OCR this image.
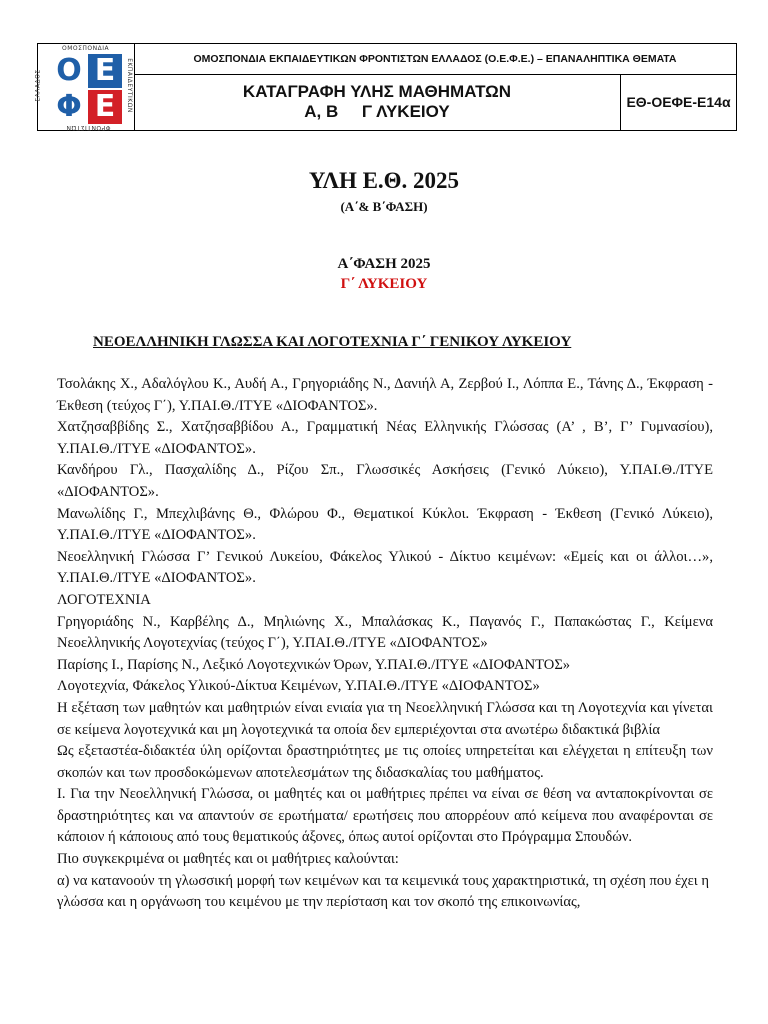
ΟΜΟΣΠΟΝΔΙΑ
ΕΚΠΑΙΔΕΥΤΙΚΩΝ
ΦΡΟΝΤΙΣΤΩΝ
ΕΛΛΑΔΟΣ Ο Ε
Φ Ε
ΟΜΟΣΠΟΝΔΙΑ ΕΚΠΑΙΔΕΥΤΙΚΩΝ ΦΡΟΝΤΙΣΤΩΝ ΕΛΛΑΔΟΣ (Ο.Ε.Φ.Ε.) – ΕΠΑΝΑΛΗΠΤΙΚΑ ΘΕΜΑΤΑ
ΚΑΤΑΓΡΑΦΗ ΥΛΗΣ ΜΑΘΗΜΑΤΩΝ
Α, Β     Γ ΛΥΚΕΙΟΥ	ΕΘ-ΟΕΦΕ-Ε14α
ΥΛΗ Ε.Θ. 2025
(Α΄& Β΄ΦΑΣΗ)
Α΄ΦΑΣΗ 2025
Γ΄ ΛΥΚΕΙΟΥ
ΝΕΟΕΛΛΗΝΙΚΗ ΓΛΩΣΣΑ ΚΑΙ ΛΟΓΟΤΕΧΝΙΑ Γ΄ ΓΕΝΙΚΟΥ ΛΥΚΕΙΟΥ

Τσολάκης Χ., Αδαλόγλου Κ., Αυδή Α., Γρηγοριάδης Ν., Δανιήλ Α, Ζερβού Ι., Λόππα Ε., Τάνης Δ., Έκφραση - Έκθεση (τεύχος Γ΄), Υ.ΠΑΙ.Θ./ΙΤΥΕ «ΔΙΟΦΑΝΤΟΣ».

Χατζησαββίδης Σ., Χατζησαββίδου Α., Γραμματική Νέας Ελληνικής Γλώσσας (Α’ , Β’, Γ’ Γυμνασίου), Υ.ΠΑΙ.Θ./ΙΤΥΕ «ΔΙΟΦΑΝΤΟΣ».

Κανδήρου Γλ., Πασχαλίδης Δ., Ρίζου Σπ., Γλωσσικές Ασκήσεις (Γενικό Λύκειο), Υ.ΠΑΙ.Θ./ΙΤΥΕ «ΔΙΟΦΑΝΤΟΣ».

Μανωλίδης Γ., Μπεχλιβάνης Θ., Φλώρου Φ., Θεματικοί Κύκλοι. Έκφραση - Έκθεση (Γενικό Λύκειο), Υ.ΠΑΙ.Θ./ΙΤΥΕ «ΔΙΟΦΑΝΤΟΣ».

Νεοελληνική Γλώσσα Γ’ Γενικού Λυκείου, Φάκελος Υλικού - Δίκτυο κειμένων: «Εμείς και οι άλλοι…», Υ.ΠΑΙ.Θ./ΙΤΥΕ «ΔΙΟΦΑΝΤΟΣ».

ΛΟΓΟΤΕΧΝΙΑ

Γρηγοριάδης Ν., Καρβέλης Δ., Μηλιώνης Χ., Μπαλάσκας Κ., Παγανός Γ., Παπακώστας Γ., Κείμενα Νεοελληνικής Λογοτεχνίας (τεύχος Γ΄), Υ.ΠΑΙ.Θ./ΙΤΥΕ «ΔΙΟΦΑΝΤΟΣ»

Παρίσης Ι., Παρίσης Ν., Λεξικό Λογοτεχνικών Όρων, Υ.ΠΑΙ.Θ./ΙΤΥΕ «ΔΙΟΦΑΝΤΟΣ»

Λογοτεχνία, Φάκελος Υλικού-Δίκτυα Κειμένων, Υ.ΠΑΙ.Θ./ΙΤΥΕ «ΔΙΟΦΑΝΤΟΣ»

Η εξέταση των μαθητών και μαθητριών είναι ενιαία για τη Νεοελληνική Γλώσσα και τη Λογοτεχνία και γίνεται σε κείμενα λογοτεχνικά και μη λογοτεχνικά τα οποία δεν εμπεριέχονται στα ανωτέρω διδακτικά βιβλία

Ως εξεταστέα-διδακτέα ύλη ορίζονται δραστηριότητες με τις οποίες υπηρετείται και ελέγχεται η επίτευξη των σκοπών και των προσδοκώμενων αποτελεσμάτων της διδασκαλίας του μαθήματος.

Ι. Για την Νεοελληνική Γλώσσα, οι μαθητές και οι μαθήτριες πρέπει να είναι σε θέση να ανταποκρίνονται σε δραστηριότητες και να απαντούν σε ερωτήματα/ ερωτήσεις που απορρέουν από κείμενα που αναφέρονται σε κάποιον ή κάποιους από τους θεματικούς άξονες, όπως αυτοί ορίζονται στο Πρόγραμμα Σπουδών.

Πιο συγκεκριμένα οι μαθητές και οι μαθήτριες καλούνται:

α) να κατανοούν τη γλωσσική μορφή των κειμένων και τα κειμενικά τους χαρακτηριστικά, τη σχέση που έχει η γλώσσα και η οργάνωση του κειμένου με την περίσταση και τον σκοπό της επικοινωνίας,
